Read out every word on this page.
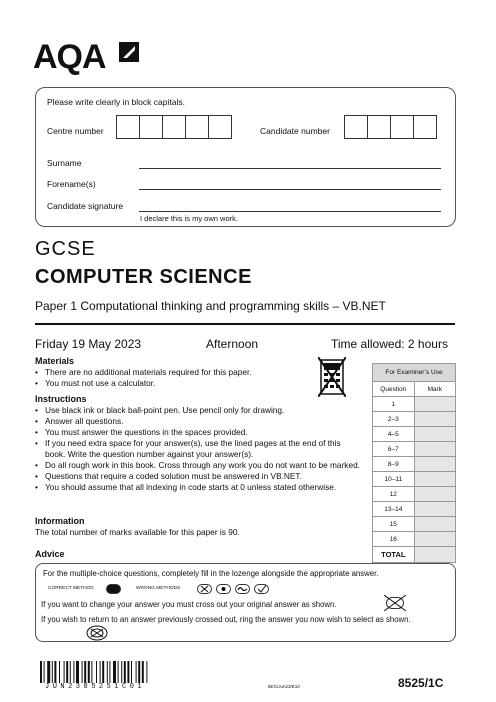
AQA
Please write clearly in block capitals.
Centre number	Candidate number
Surname
Forename(s)
Candidate signature
I declare this is my own work.
GCSE
COMPUTER SCIENCE
Paper 1 Computational thinking and programming skills – VB.NET
Friday 19 May 2023	Afternoon	Time allowed: 2 hours
Materials
• There are no additional materials required for this paper.
• You must not use a calculator.
Instructions
• Use black ink or black ball-point pen. Use pencil only for drawing.
• Answer all questions.
• You must answer the questions in the spaces provided.
• If you need extra space for your answer(s), use the lined pages at the end of this book. Write the question number against your answer(s).
• Do all rough work in this book. Cross through any work you do not want to be marked.
• Questions that require a coded solution must be answered in VB.NET.
• You should assume that all indexing in code starts at 0 unless stated otherwise.
Information
The total number of marks available for this paper is 90.
For Examiner’s Use	
Question	Mark
1	
2–3	
4–5	
6–7	
8–9	
10–11	
12	
13–14	
15	
16	
TOTAL	
Advice
For the multiple-choice questions, completely fill in the lozenge alongside the appropriate answer.
CORRECT METHOD	WRONG METHODS
If you want to change your answer you must cross out your original answer as shown.
If you wish to return to an answer previously crossed out, ring the answer you now wish to select as shown.
JUN238525​1C01	IB/G/Jun23/E10	8525/1C
